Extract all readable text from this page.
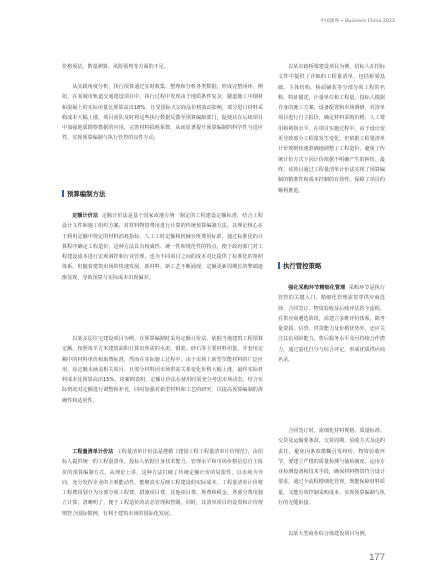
中国商界 • Business China 2023

价格预估、数量测算、风险预判等方面的不足。

从实践角度分析，执行预算通过实时收集、整理和分析各类数据，形成完整闭环。例如，在某城市轨道交通建设项目中，执行过程中发现由于地质条件复杂，隧道施工中钢材和混凝土的实际用量比预算高出18%，且受国际大宗商品价格波动影响，部分进口材料采购成本大幅上涨。项目团队及时将这些执行数据反馈至预算编制部门，促使其在后续项目中加强地质勘察数据的应用，完善材料损耗系数，从而显著提升预算编制的科学性与适应性，实现预算编制与执行管控的良性互动。

预算编制方法

定额计价法 定额计价法是基于国家或地方统一制定的工程建设定额标准，结合工程设计文件和施工组织方案，对材料物资费用进行计算的传统预算编制方法。其理论核心在于利用定额中规定的材料消耗指标、人工工时定额和机械台班费用标准，通过标准化的计算程序确定工程造价，这种方法具有权威性、统一性和规范性的特点，便于政府部门对工程建设成本进行宏观调控和行业管理，也为不同项目之间的成本对比提供了标准化的参照体系。但随着建筑市场的快速发展、新材料、新工艺不断涌现，定额更新周期长的弊端逐渐显现，导致预算与实际成本出现偏差。

以某多层住宅建设项目为例，在预算编制时采用定额计价法，依据当地建筑工程预算定额，按照每平方米建筑面积计算出所需的水泥、钢筋、砂石等主要材料用量，并套用定额中的材料单价和取费标准，然而在实际施工过程中，由于市场上新型节能材料的广泛应用，原定额未涵盖相关项目，且部分材料因市场供需关系变化价格大幅上涨，最终实际材料成本比预算高出15%，该案例表明，定额计价法在使用时需充分考虑市场动态，结合实际情况对定额进行调整和补充，同时加强对新型材料和工艺的研究，以提高预算编制的准确性和适用性。

工程量清单计价法 工程量清单计价法是遵循《建设工程工程量清单计价规范》，由招标人提供统一的工程量清单，投标人依据自身技术能力、管理水平和市场价格信息自主报价的预算编制方式。从理论上讲，这种方法打破了传统定额计价的局限性，以市场为导向，充分发挥企业的主观能动性，能够真实反映工程建设的实际成本。工程量清单计价将工程费用划分为分部分项工程费、措施项目费、其他项目费、规费和税金，各部分费用独立计算，清晰明了，便于工程造价的动态管理和控制。同时，其清单项目的设置和计价规则符合国际惯例，有利于建筑市场的国际化发展。

以某市政桥梁建设项目为例，招标人在招标文件中提供了详细的工程量清单，包括桥梁基础、主体结构、桥面铺装等分部分项工程的名称、特征描述、计量单位和工程量。投标人根据自身的施工方案、设备配置和市场调研，对清单项目进行自主报价，确定材料采购价格、人工费用和利润水平。在项目实施过程中，由于设计变更导致部分工程量发生变化，但依据工程量清单计价规则快速准确地调整了工程造价，避免了传统计价方式下因计价依据不明确产生的纠纷。最终，该项目通过工程量清单计价法实现了预算编制的精准性和成本控制的有效性，保障了项目的顺利推进。

执行管控策略

强化采购环节精细化管理 采购环节是执行管控的关键入口，精细化管理需贯穿供应商选择、合同签订、物资验收及后续评估的全流程。在供应商遴选阶段，需建立多维评价体系，除考量资质、信誉、供货能力及价格优势外，还应关注其抗风险能力、售后服务水平及可持续合作潜力，通过量化打分与综合评定，形成优质供应商名录。

合同签订时，需细化材料规格、质量标准、交货及运输要条款、交货周期、验收方式及违约责任，避免因条款模糊引发纠纷。物资验收环节，要建立严格的质量检测与抽检制度，运用专业检测设备和技术手段，确保材料物资符合设计要求。通过全流程精细化管理，既能保障材料质量，又能有效控制采购成本，实现预算编制与执行的无缝衔接。

以某大型商业综合体建设项目为例，

177
